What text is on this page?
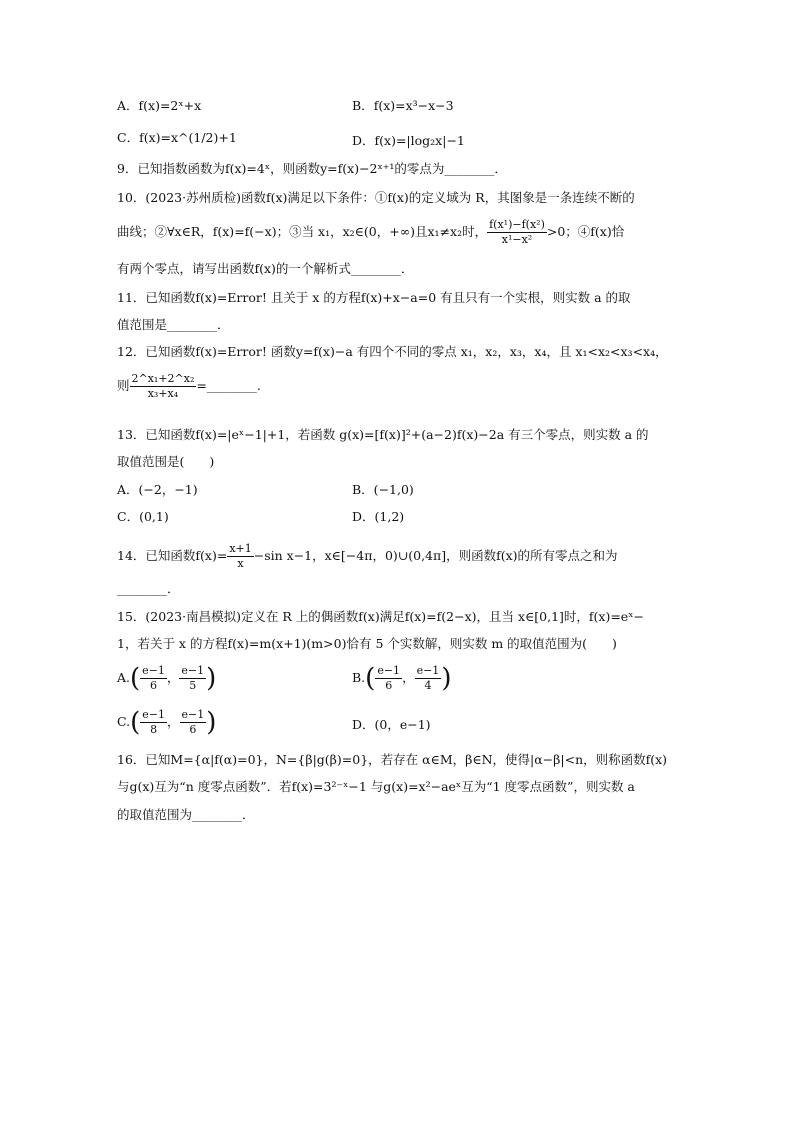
A．f(x)=2ˣ+x	B．f(x)=x³−x−3
C．f(x)=x^(1/2)+1	D．f(x)=|log₂x|−1
9．已知指数函数为f(x)=4ˣ，则函数y=f(x)−2ˣ⁺¹的零点为________．
10．(2023·苏州质检)函数f(x)满足以下条件：①f(x)的定义域为 R，其图象是一条连续不断的
曲线；②∀x∈R，f(x)=f(−x)；③当 x₁，x₂∈(0，+∞)且x₁≠x₂时， $\frac{\text{f(x¹)−f(x²)}}{\text{x¹−x²}} >0$；④f(x)恰
有两个零点，请写出函数f(x)的一个解析式________．
11．已知函数f(x)=Error! 且关于 x 的方程f(x)+x−a=0 有且只有一个实根，则实数 a 的取
值范围是________．
12．已知函数f(x)=Error! 函数y=f(x)−a 有四个不同的零点 x₁，x₂，x₃，x₄，且 x₁<x₂<x₃<x₄，
则 $\frac{\text{2\textasciicircum{}x₁+2\textasciicircum{}x₂}}{\text{x₃+x₄}}$ =________.
13．已知函数f(x)=|eˣ−1|+1，若函数 g(x)=[f(x)]²+(a−2)f(x)−2a 有三个零点，则实数 a 的
取值范围是(　　)
A．(−2，−1)	B．(−1,0)
C．(0,1)	D．(1,2)
14．已知函数$f(x)= \frac{x+1}{x} -\sin$ x−1，x∈[−4π，0)∪(0,4π]，则函数f(x)的所有零点之和为
________．
15．(2023·南昌模拟)定义在 R 上的偶函数f(x)满足f(x)=f(2−x)，且当 x∈[0,1]时，f(x)=eˣ−
1，若关于 x 的方程f(x)=m(x+1)(m>0)恰有 5 个实数解，则实数 m 的取值范围为(　　)
$A.( \frac{e-1}{6}$ ， $\frac{e-1}{5}$ )	$B.( \frac{e-1}{6}$ ， $\frac{e-1}{4}$ )
$C.( \frac{e-1}{8}$ ， $\frac{e-1}{6}$ )	D．(0，e−1)
16．已知M={α|f(α)=0}，N={β|g(β)=0}，若存在 α∈M，β∈N，使得|α−β|<n，则称函数f(x)
与g(x)互为“n 度零点函数”．若f(x)=3²⁻ˣ−1 与g(x)=x²−aeˣ互为“1 度零点函数”，则实数 a
的取值范围为________．
